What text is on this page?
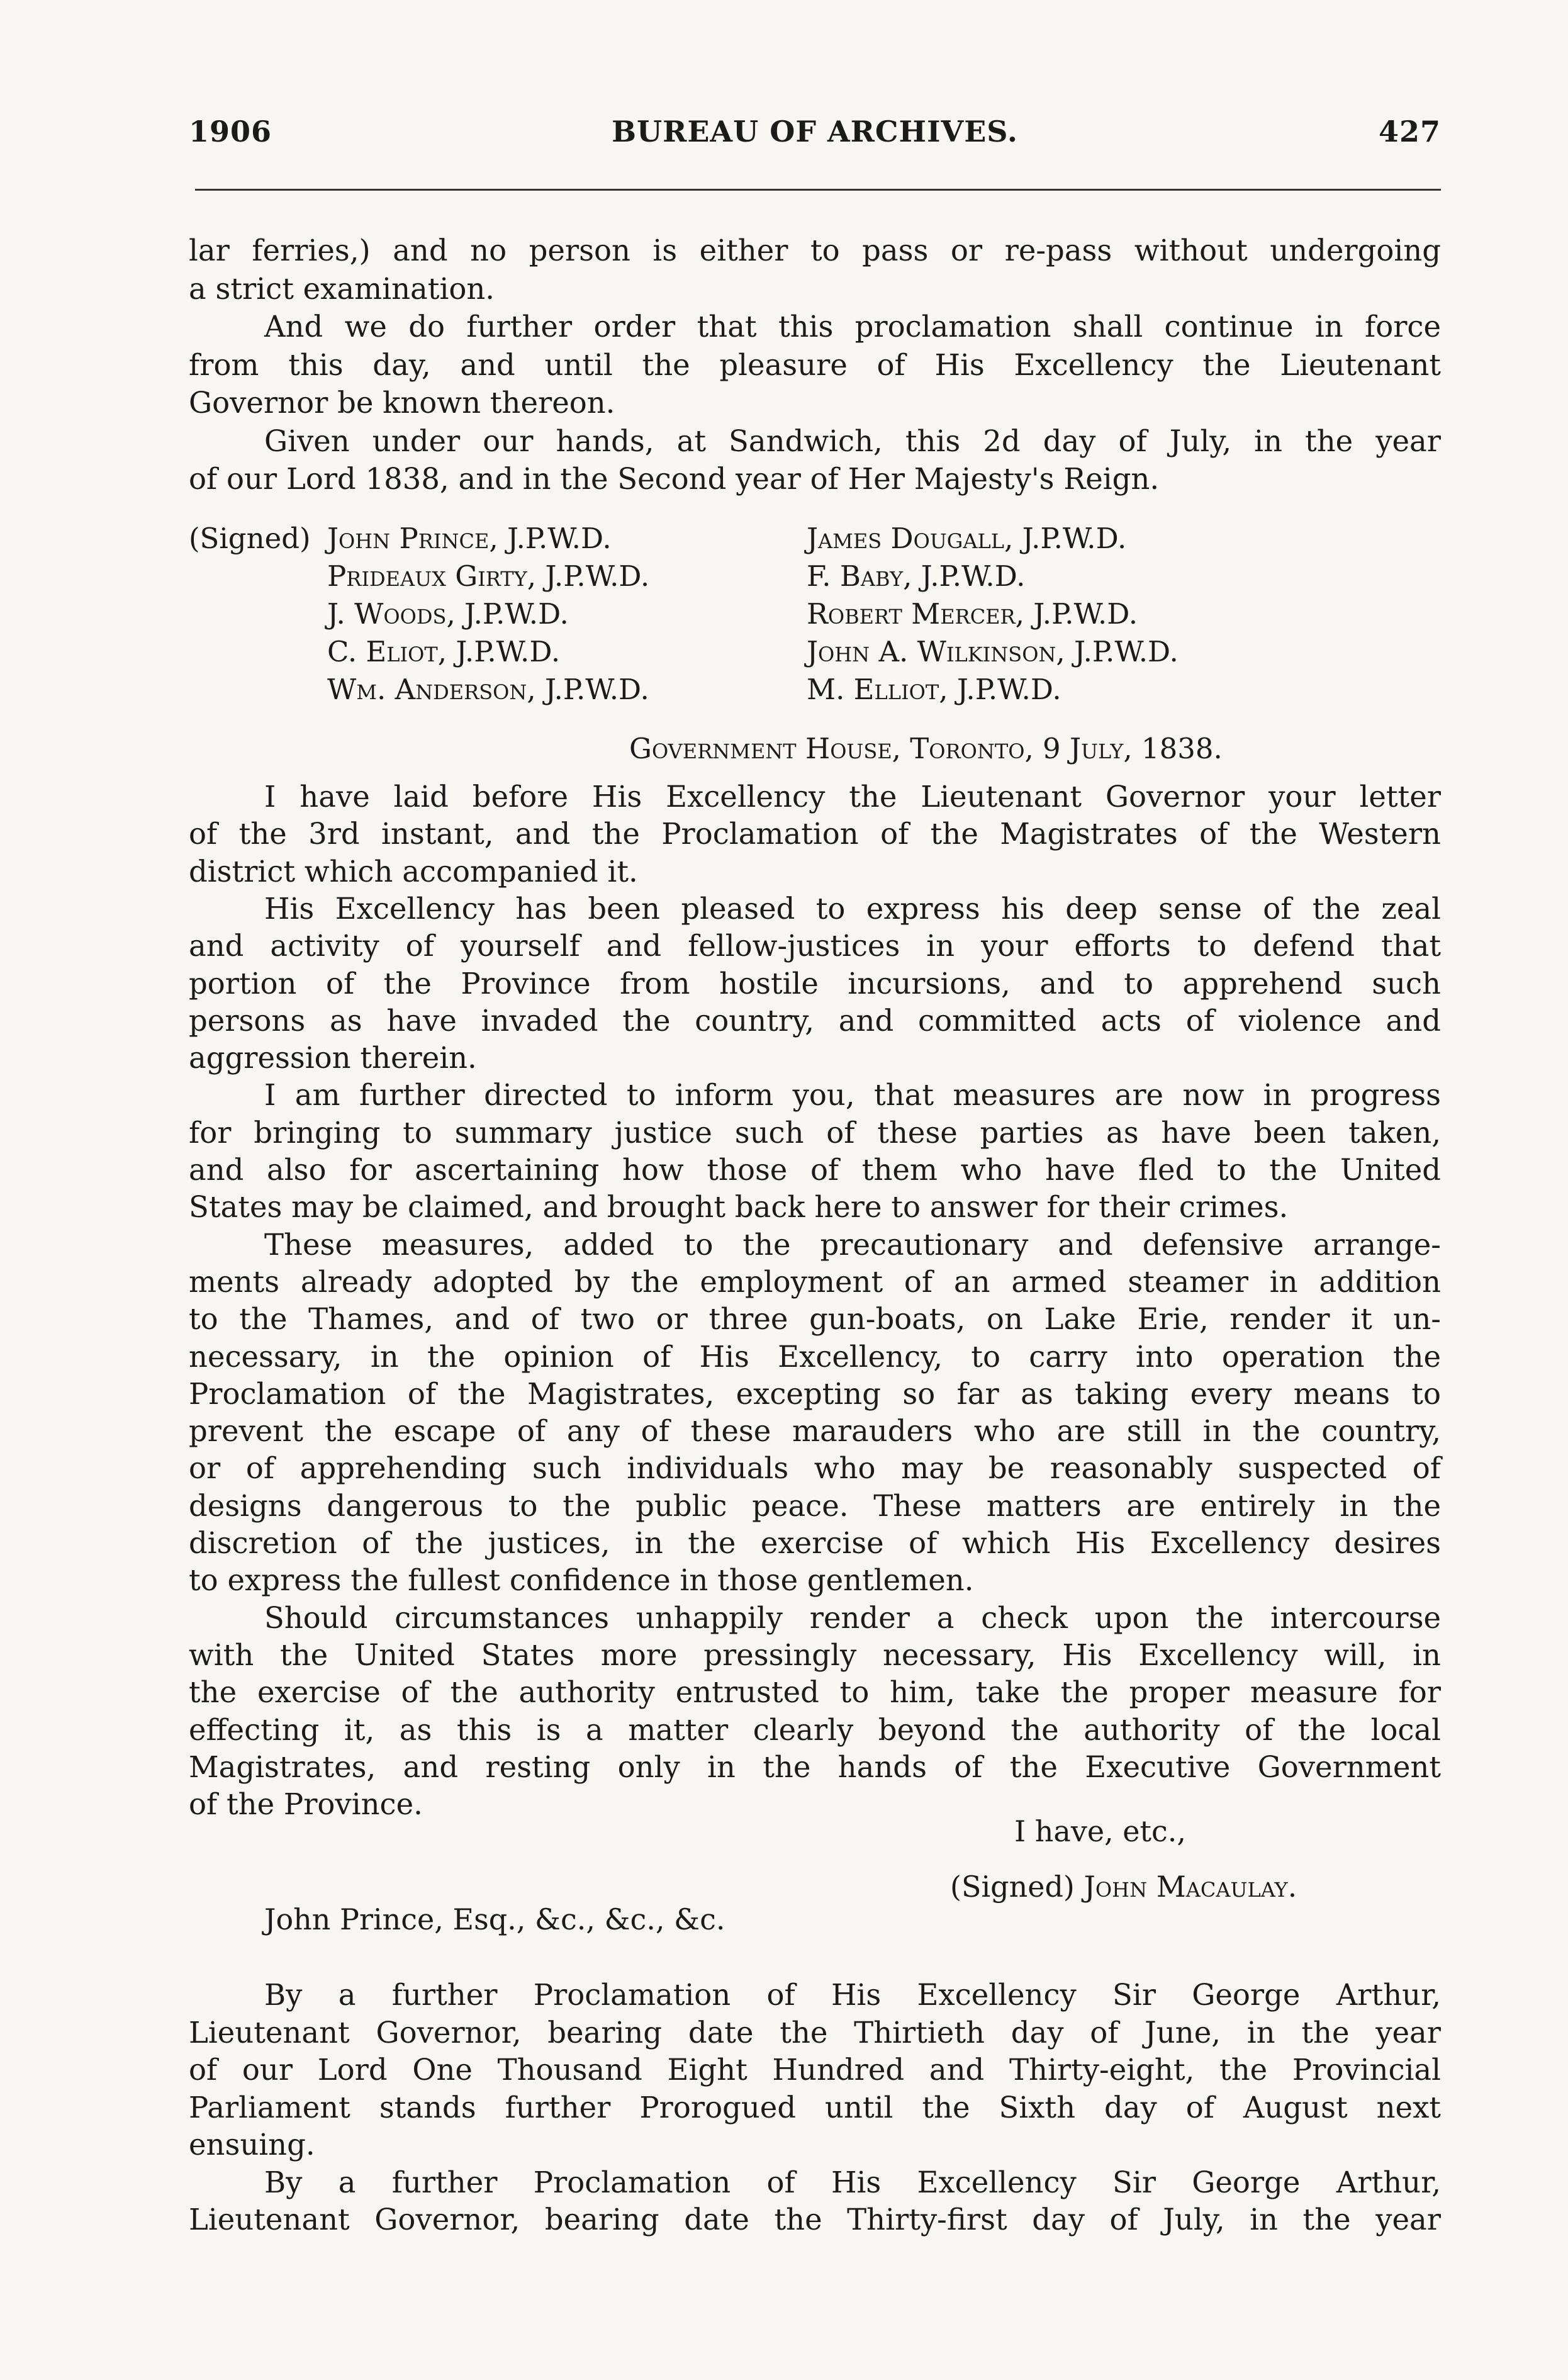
1906	BUREAU OF ARCHIVES.	427
lar ferries,) and no person is either to pass or re-pass without undergoing
a strict examination.
And we do further order that this proclamation shall continue in force
from this day, and until the pleasure of His Excellency the Lieutenant
Governor be known thereon.
Given under our hands, at Sandwich, this 2d day of July, in the year
of our Lord 1838, and in the Second year of Her Majesty's Reign.
(Signed) John Prince, J.P.W.D.
Prideaux Girty, J.P.W.D.
J. Woods, J.P.W.D.
C. Eliot, J.P.W.D.
Wm. Anderson, J.P.W.D.
James Dougall, J.P.W.D.
F. Baby, J.P.W.D.
Robert Mercer, J.P.W.D.
John A. Wilkinson, J.P.W.D.
M. Elliot, J.P.W.D.
Government House, Toronto, 9 July, 1838.
I have laid before His Excellency the Lieutenant Governor your letter
of the 3rd instant, and the Proclamation of the Magistrates of the Western
district which accompanied it.
His Excellency has been pleased to express his deep sense of the zeal
and activity of yourself and fellow-justices in your efforts to defend that
portion of the Province from hostile incursions, and to apprehend such
persons as have invaded the country, and committed acts of violence and
aggression therein.
I am further directed to inform you, that measures are now in progress
for bringing to summary justice such of these parties as have been taken,
and also for ascertaining how those of them who have fled to the United
States may be claimed, and brought back here to answer for their crimes.
These measures, added to the precautionary and defensive arrange-
ments already adopted by the employment of an armed steamer in addition
to the Thames, and of two or three gun-boats, on Lake Erie, render it un-
necessary, in the opinion of His Excellency, to carry into operation the
Proclamation of the Magistrates, excepting so far as taking every means to
prevent the escape of any of these marauders who are still in the country,
or of apprehending such individuals who may be reasonably suspected of
designs dangerous to the public peace. These matters are entirely in the
discretion of the justices, in the exercise of which His Excellency desires
to express the fullest confidence in those gentlemen.
Should circumstances unhappily render a check upon the intercourse
with the United States more pressingly necessary, His Excellency will, in
the exercise of the authority entrusted to him, take the proper measure for
effecting it, as this is a matter clearly beyond the authority of the local
Magistrates, and resting only in the hands of the Executive Government
of the Province.
I have, etc.,
(Signed) John Macaulay.
John Prince, Esq., &c., &c., &c.
By a further Proclamation of His Excellency Sir George Arthur,
Lieutenant Governor, bearing date the Thirtieth day of June, in the year
of our Lord One Thousand Eight Hundred and Thirty-eight, the Provincial
Parliament stands further Prorogued until the Sixth day of August next
ensuing.
By a further Proclamation of His Excellency Sir George Arthur,
Lieutenant Governor, bearing date the Thirty-first day of July, in the year
